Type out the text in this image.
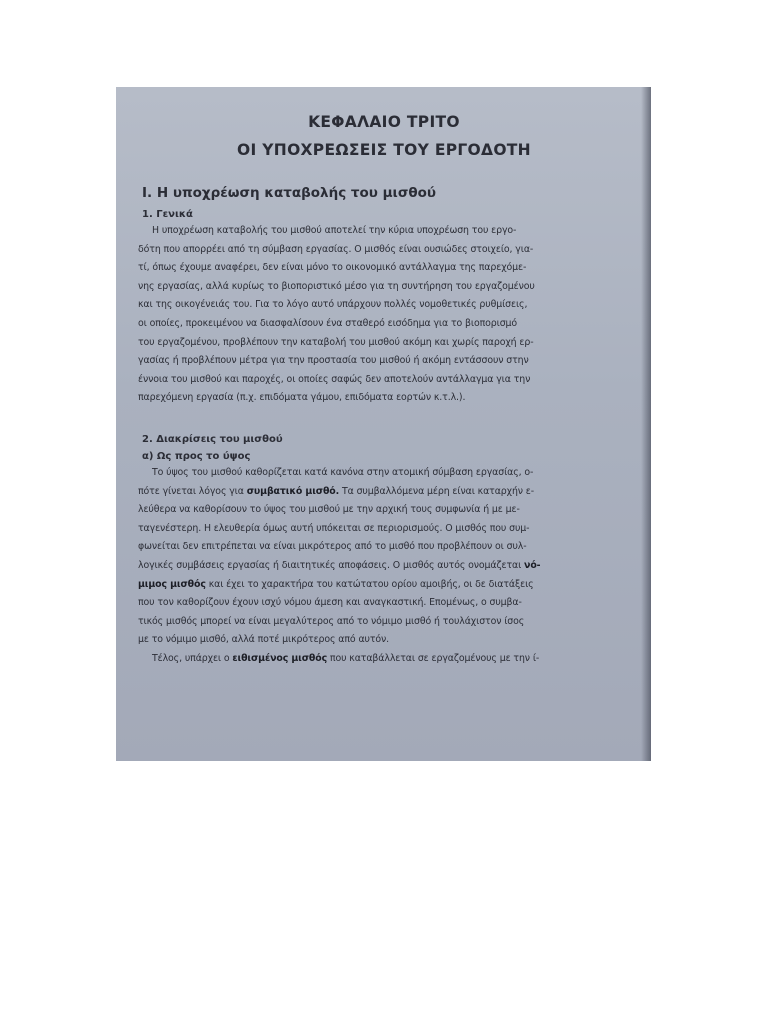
ΚΕΦΑΛΑΙΟ ΤΡΙΤΟ
ΟΙ ΥΠΟΧΡΕΩΣΕΙΣ ΤΟΥ ΕΡΓΟΔΟΤΗ
Ι. Η υποχρέωση καταβολής του μισθού
1. Γενικά
Η υποχρέωση καταβολής του μισθού αποτελεί την κύρια υποχρέωση του εργο-
δότη που απορρέει από τη σύμβαση εργασίας. Ο μισθός είναι ουσιώδες στοιχείο, για-
τί, όπως έχουμε αναφέρει, δεν είναι μόνο το οικονομικό αντάλλαγμα της παρεχόμε-
νης εργασίας, αλλά κυρίως το βιοποριστικό μέσο για τη συντήρηση του εργαζομένου
και της οικογένειάς του. Για το λόγο αυτό υπάρχουν πολλές νομοθετικές ρυθμίσεις,
οι οποίες, προκειμένου να διασφαλίσουν ένα σταθερό εισόδημα για το βιοπορισμό
του εργαζομένου, προβλέπουν την καταβολή του μισθού ακόμη και χωρίς παροχή ερ-
γασίας ή προβλέπουν μέτρα για την προστασία του μισθού ή ακόμη εντάσσουν στην
έννοια του μισθού και παροχές, οι οποίες σαφώς δεν αποτελούν αντάλλαγμα για την
παρεχόμενη εργασία (π.χ. επιδόματα γάμου, επιδόματα εορτών κ.τ.λ.).
2. Διακρίσεις του μισθού
α) Ως προς το ύψος
Το ύψος του μισθού καθορίζεται κατά κανόνα στην ατομική σύμβαση εργασίας, ο-
πότε γίνεται λόγος για συμβατικό μισθό. Τα συμβαλλόμενα μέρη είναι καταρχήν ε-
λεύθερα να καθορίσουν το ύψος του μισθού με την αρχική τους συμφωνία ή με με-
ταγενέστερη. Η ελευθερία όμως αυτή υπόκειται σε περιορισμούς. Ο μισθός που συμ-
φωνείται δεν επιτρέπεται να είναι μικρότερος από το μισθό που προβλέπουν οι συλ-
λογικές συμβάσεις εργασίας ή διαιτητικές αποφάσεις. Ο μισθός αυτός ονομάζεται νό-
μιμος μισθός και έχει το χαρακτήρα του κατώτατου ορίου αμοιβής, οι δε διατάξεις
που τον καθορίζουν έχουν ισχύ νόμου άμεση και αναγκαστική. Επομένως, ο συμβα-
τικός μισθός μπορεί να είναι μεγαλύτερος από το νόμιμο μισθό ή τουλάχιστον ίσος
με το νόμιμο μισθό, αλλά ποτέ μικρότερος από αυτόν.
Τέλος, υπάρχει ο ειθισμένος μισθός που καταβάλλεται σε εργαζομένους με την ί-
